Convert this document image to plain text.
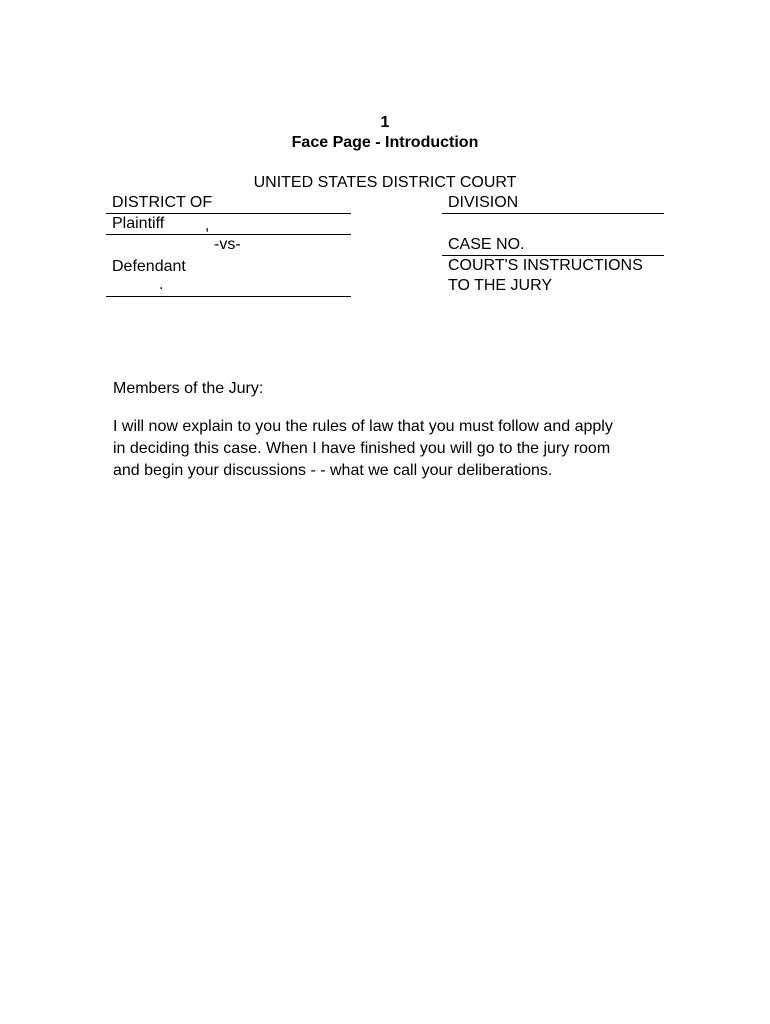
1
Face Page - Introduction
UNITED STATES DISTRICT COURT
DISTRICT OF
Plaintiff	,
-vs-
Defendant
.
DIVISION
CASE NO.
COURT'S INSTRUCTIONS
TO THE JURY
Members of the Jury:
I will now explain to you the rules of law that you must follow and apply
in deciding this case. When I have finished you will go to the jury room
and begin your discussions - - what we call your deliberations.
